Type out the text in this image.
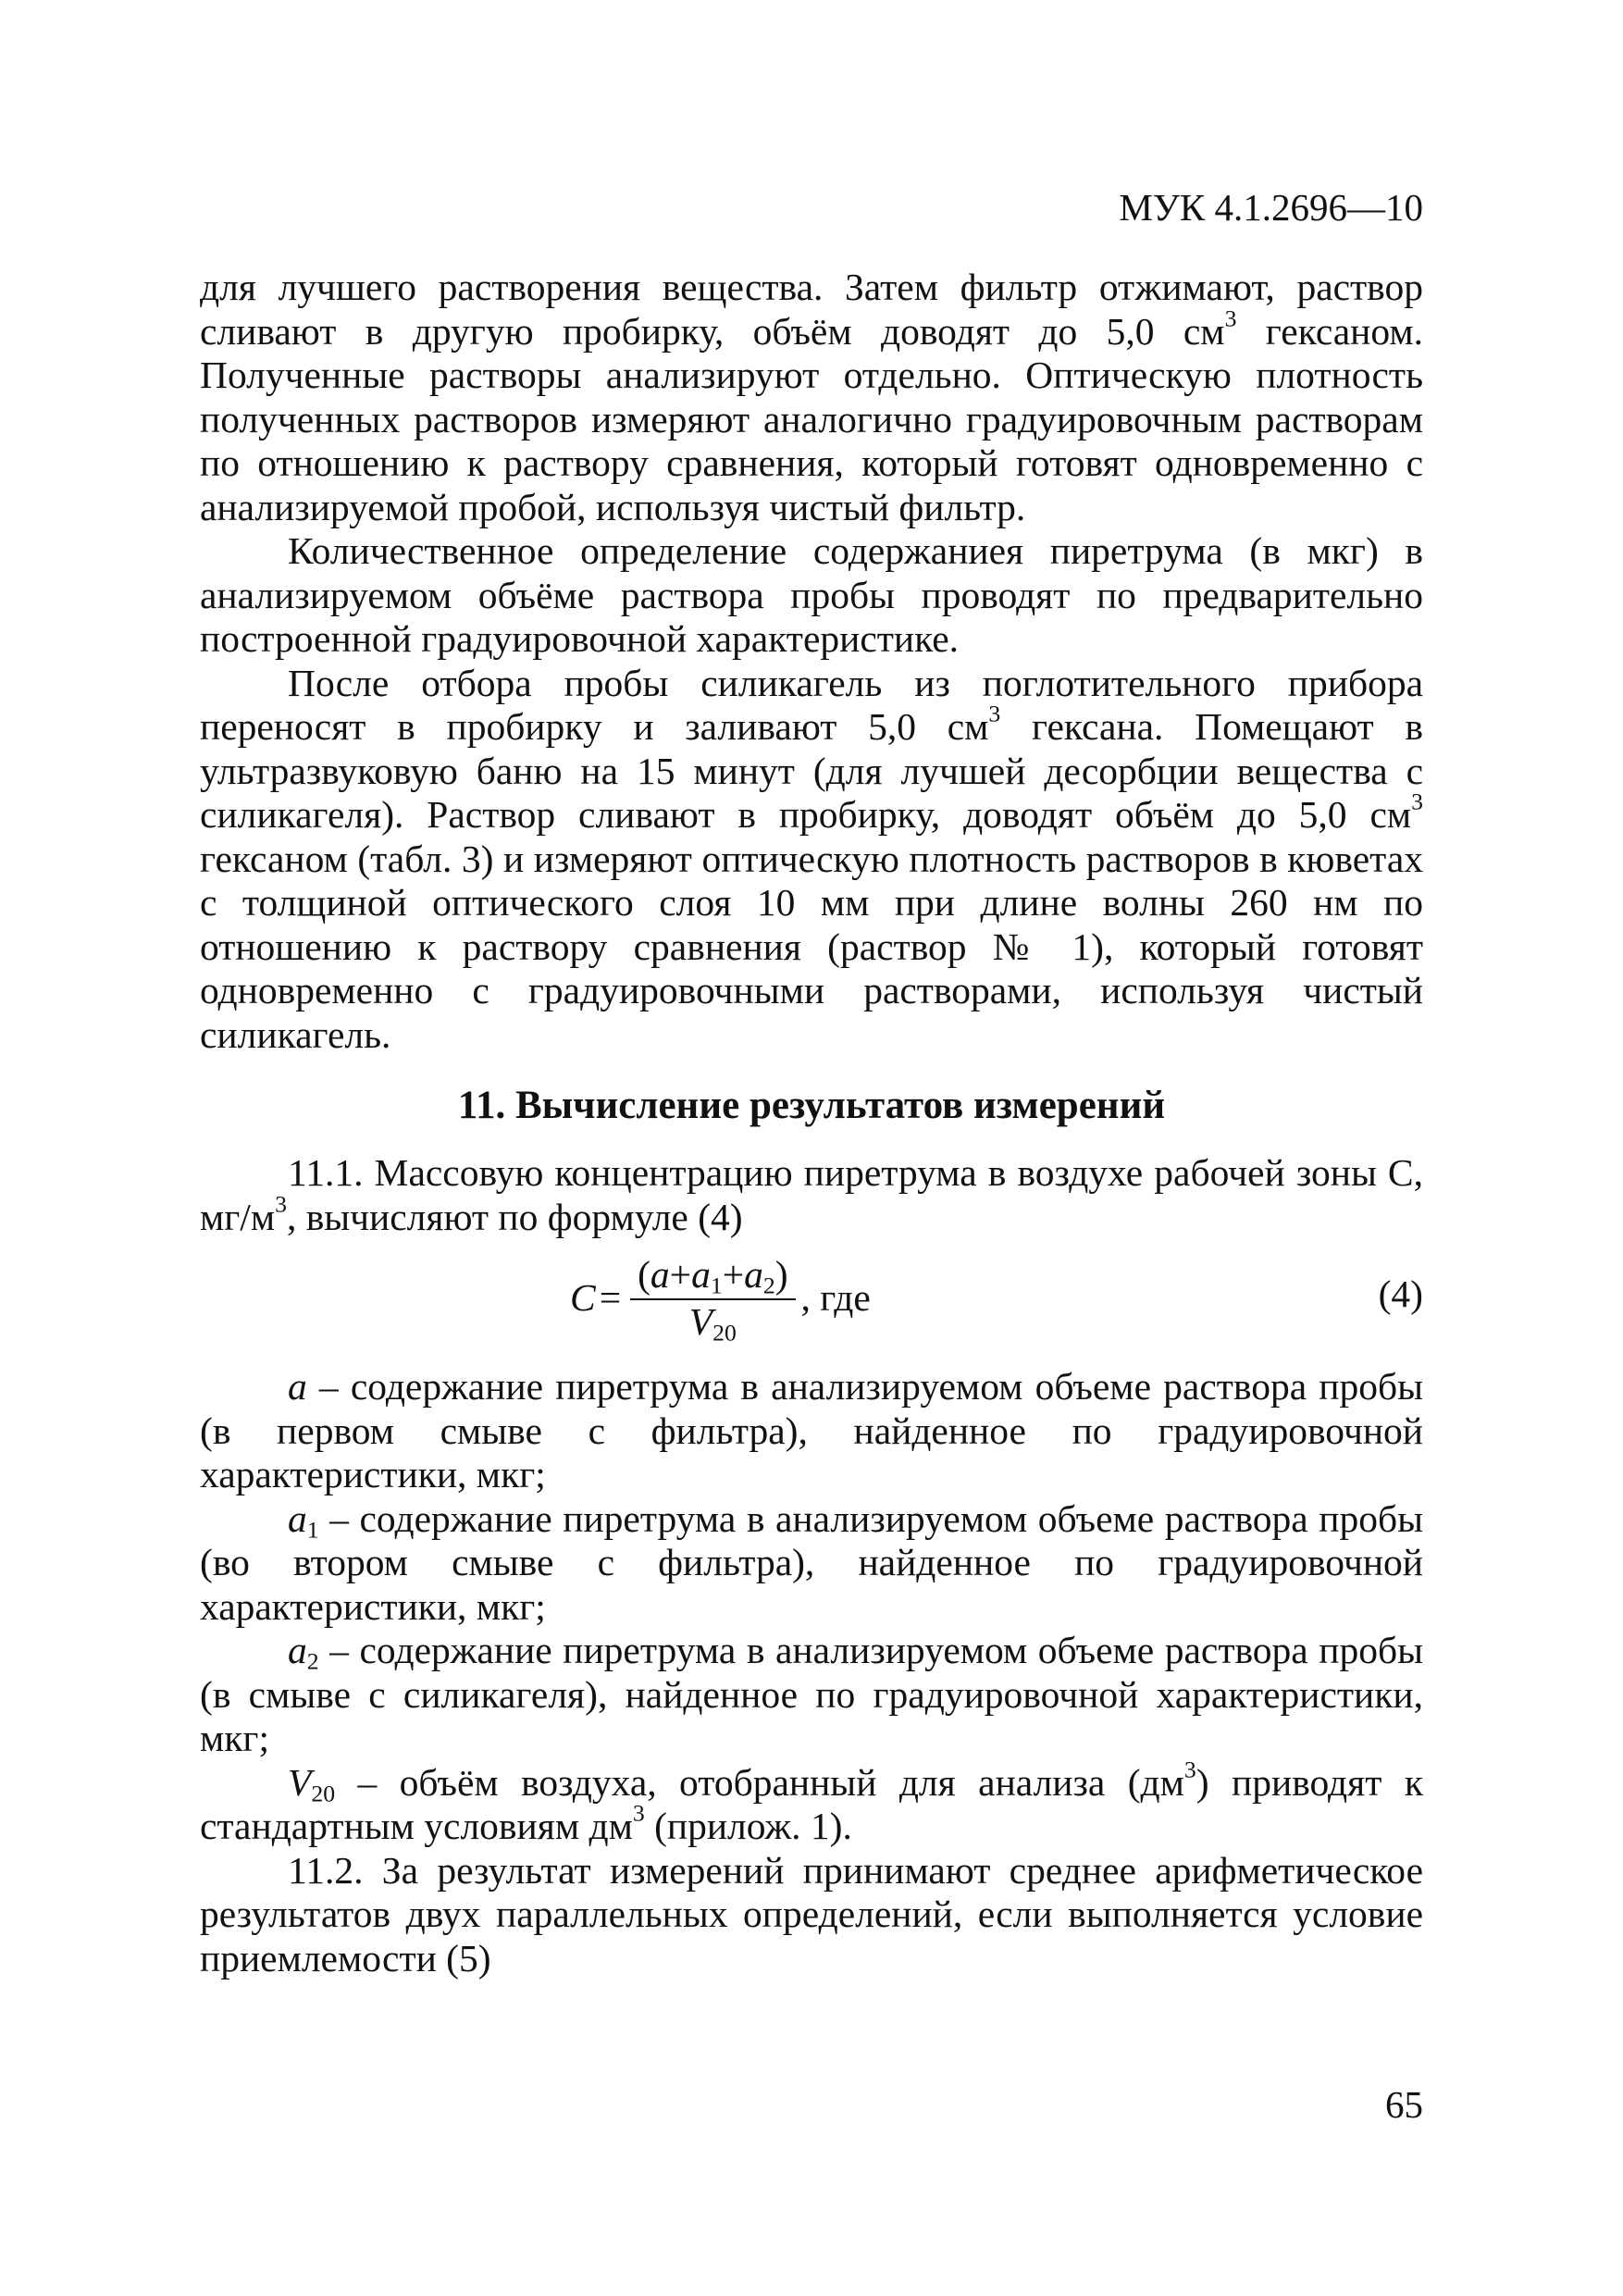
МУК 4.1.2696—10

для лучшего растворения вещества. Затем фильтр отжимают, раствор сливают в другую пробирку, объём доводят до 5,0 $см^3$ гексаном. Полученные растворы анализируют отдельно. Оптическую плотность полученных растворов измеряют аналогично градуировочным растворам по отношению к раствору сравнения, который готовят одновременно с анализируемой пробой, используя чистый фильтр.

Количественное определение содержаниея пиретрума (в мкг) в анализируемом объёме раствора пробы проводят по предварительно построенной градуировочной характеристике.

После отбора пробы силикагель из поглотительного прибора переносят в пробирку и заливают 5,0 $см^3$ гексана. Помещают в ультразвуковую баню на 15 минут (для лучшей десорбции вещества с силикагеля). Раствор сливают в пробирку, доводят объём до 5,0 $см^3$ гексаном (табл. 3) и измеряют оптическую плотность растворов в кюветах с толщиной оптического слоя 10 мм при длине волны 260 нм по отношению к раствору сравнения (раствор № 1), который готовят одновременно с градуировочными растворами, используя чистый силикагель.

11. Вычисление результатов измерений

11.1. Массовую концентрацию пиретрума в воздухе рабочей зоны С, $мг/м^3$, вычисляют по формуле (4)

$C = \frac{(a+a_1+a_2)}{V_{20}}$ , где	(4)

a – содержание пиретрума в анализируемом объеме раствора пробы (в первом смыве с фильтра), найденное по градуировочной характеристики, мкг;

$a_1$ – содержание пиретрума в анализируемом объеме раствора пробы (во втором смыве с фильтра), найденное по градуировочной характеристики, мкг;

$a_2$ – содержание пиретрума в анализируемом объеме раствора пробы (в смыве с силикагеля), найденное по градуировочной характеристики, мкг;

$V_{20}$ – объём воздуха, отобранный для анализа $(дм^3)$ приводят к стандартным условиям $дм^3$ (прилож. 1).

11.2. За результат измерений принимают среднее арифметическое результатов двух параллельных определений, если выполняется условие приемлемости (5)

65
